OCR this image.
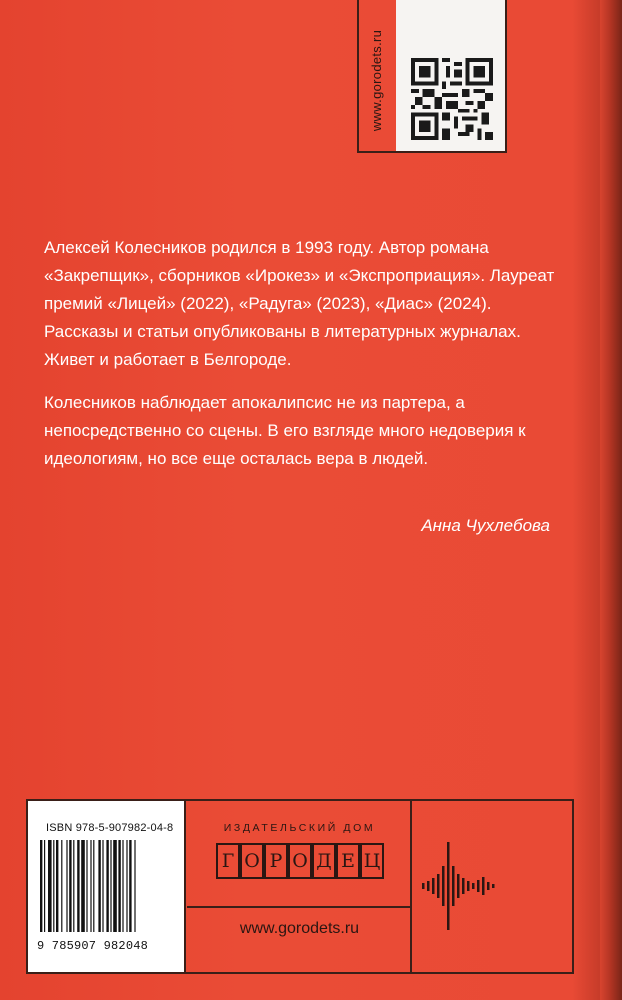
www.gorodets.ru

Алексей Колесников родился в 1993 году. Автор романа «Закрепщик», сборников «Ирокез» и «Экспроприация». Лауреат премий «Лицей» (2022), «Радуга» (2023), «Диас» (2024). Рассказы и статьи опубликованы в литературных журналах. Живет и работает в Белгороде.

Колесников наблюдает апокалипсис не из партера, а непосредственно со сцены. В его взгляде много недоверия к идеологиям, но все еще осталась вера в людей.

Анна Чухлебова
ISBN 978-5-907982-04-8
9 785907 982048
ИЗДАТЕЛЬСКИЙ ДОМ
Г О Р О Д Е Ц
www.gorodets.ru
